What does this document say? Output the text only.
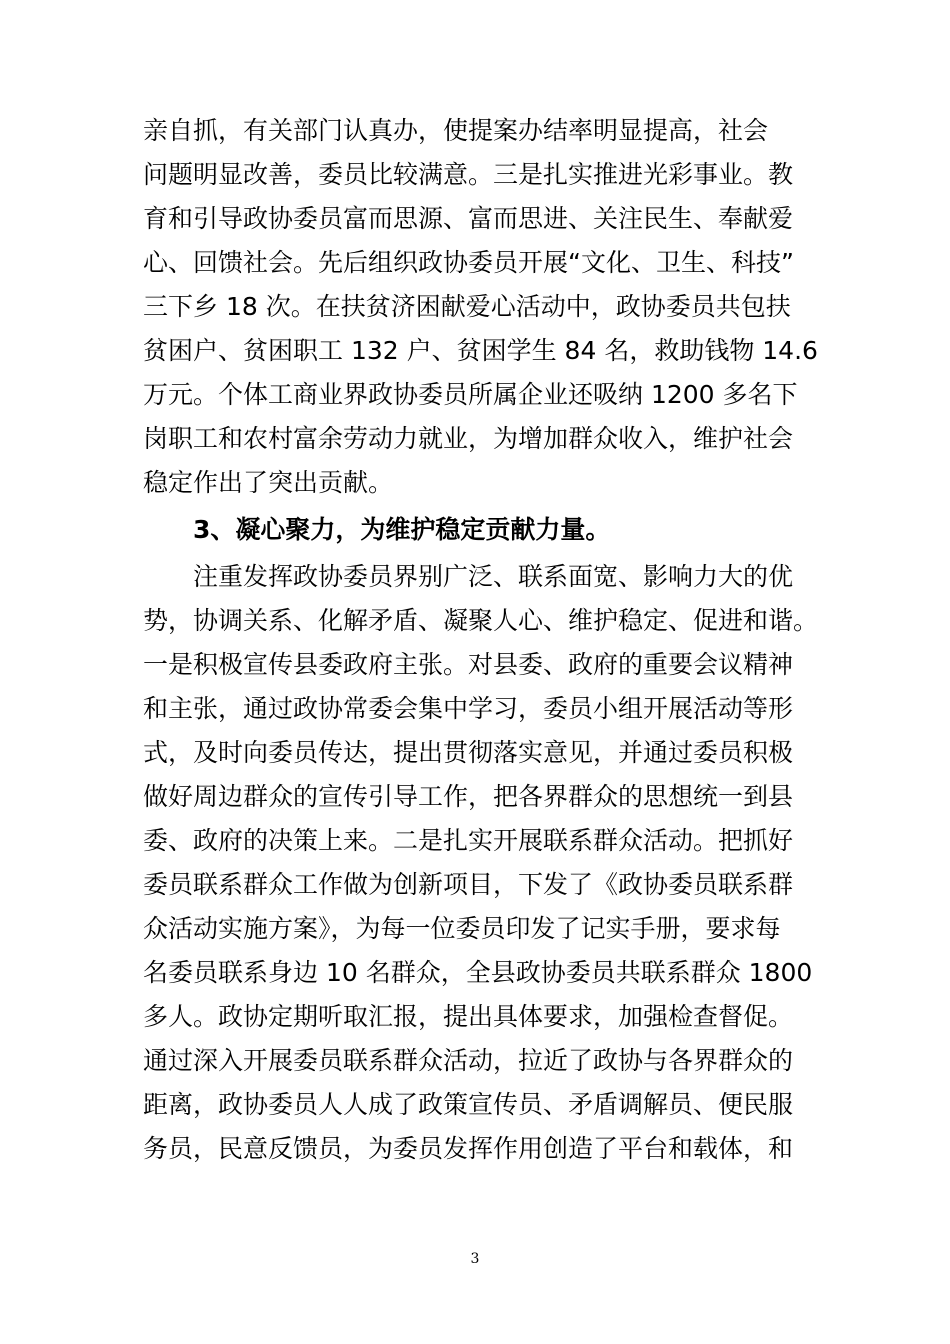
亲自抓，有关部门认真办，使提案办结率明显提高，社会
问题明显改善，委员比较满意。三是扎实推进光彩事业。教
育和引导政协委员富而思源、富而思进、关注民生、奉献爱
心、回馈社会。先后组织政协委员开展“文化、卫生、科技”
三下乡 18 次。在扶贫济困献爱心活动中，政协委员共包扶
贫困户、贫困职工 132 户、贫困学生 84 名，救助钱物 14.6
万元。个体工商业界政协委员所属企业还吸纳 1200 多名下
岗职工和农村富余劳动力就业，为增加群众收入，维护社会
稳定作出了突出贡献。
3、凝心聚力，为维护稳定贡献力量。
注重发挥政协委员界别广泛、联系面宽、影响力大的优
势，协调关系、化解矛盾、凝聚人心、维护稳定、促进和谐。
一是积极宣传县委政府主张。对县委、政府的重要会议精神
和主张，通过政协常委会集中学习，委员小组开展活动等形
式，及时向委员传达，提出贯彻落实意见，并通过委员积极
做好周边群众的宣传引导工作，把各界群众的思想统一到县
委、政府的决策上来。二是扎实开展联系群众活动。把抓好
委员联系群众工作做为创新项目，下发了《政协委员联系群
众活动实施方案》，为每一位委员印发了记实手册，要求每
名委员联系身边 10 名群众，全县政协委员共联系群众 1800
多人。政协定期听取汇报，提出具体要求，加强检查督促。
通过深入开展委员联系群众活动，拉近了政协与各界群众的
距离，政协委员人人成了政策宣传员、矛盾调解员、便民服
务员，民意反馈员，为委员发挥作用创造了平台和载体，和
3
